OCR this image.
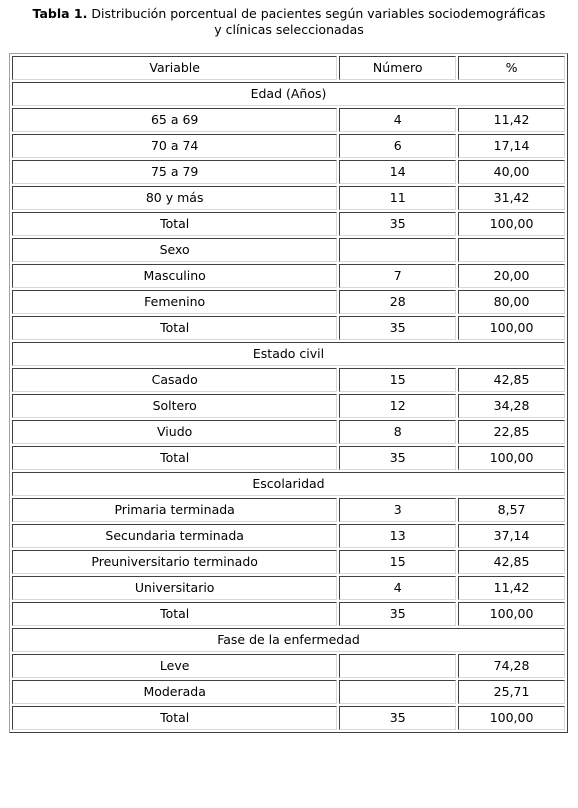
Tabla 1. Distribución porcentual de pacientes según variables sociodemográficas
y clínicas seleccionadas
Variable	Número	%
Edad (Años)		
65 a 69	4	11,42
70 a 74	6	17,14
75 a 79	14	40,00
80 y más	11	31,42
Total	35	100,00
Sexo		
Masculino	7	20,00
Femenino	28	80,00
Total	35	100,00
Estado civil		
Casado	15	42,85
Soltero	12	34,28
Viudo	8	22,85
Total	35	100,00
Escolaridad		
Primaria terminada	3	8,57
Secundaria terminada	13	37,14
Preuniversitario terminado	15	42,85
Universitario	4	11,42
Total	35	100,00
Fase de la enfermedad		
Leve		74,28
Moderada		25,71
Total	35	100,00
